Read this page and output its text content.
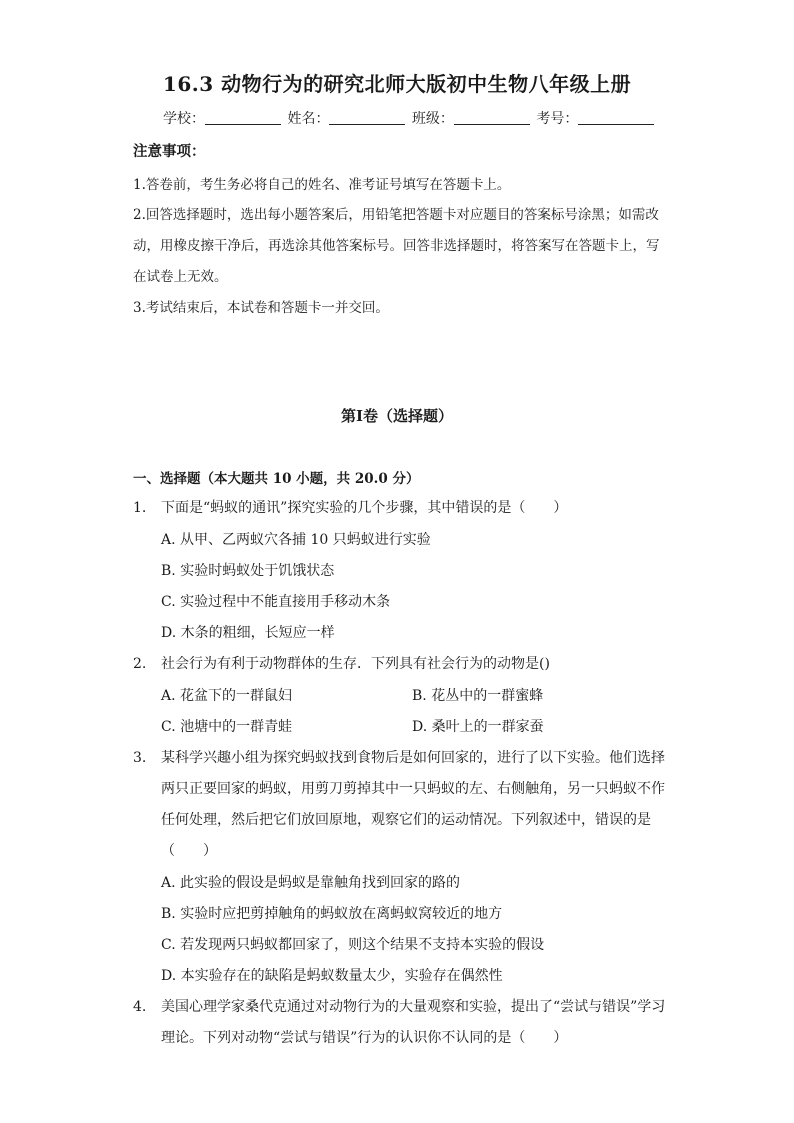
16.3 动物行为的研究北师大版初中生物八年级上册
学校：	姓名：	班级：	考号：
注意事项：
1.答卷前，考生务必将自己的姓名、准考证号填写在答题卡上。
2.回答选择题时，选出每小题答案后，用铅笔把答题卡对应题目的答案标号涂黑；如需改动，用橡皮擦干净后，再选涂其他答案标号。回答非选择题时，将答案写在答题卡上，写在试卷上无效。
3.考试结束后，本试卷和答题卡一并交回。
第I卷（选择题）
一、选择题（本大题共 10 小题，共 20.0 分）
1. 下面是“蚂蚁的通讯”探究实验的几个步骤，其中错误的是（　　）
A. 从甲、乙两蚁穴各捕 10 只蚂蚁进行实验
B. 实验时蚂蚁处于饥饿状态
C. 实验过程中不能直接用手移动木条
D. 木条的粗细，长短应一样
2. 社会行为有利于动物群体的生存．下列具有社会行为的动物是()
A. 花盆下的一群鼠妇	B. 花丛中的一群蜜蜂
C. 池塘中的一群青蛙	D. 桑叶上的一群家蚕
3. 某科学兴趣小组为探究蚂蚁找到食物后是如何回家的，进行了以下实验。他们选择两只正要回家的蚂蚁，用剪刀剪掉其中一只蚂蚁的左、右侧触角，另一只蚂蚁不作任何处理，然后把它们放回原地，观察它们的运动情况。下列叙述中，错误的是（　　）
A. 此实验的假设是蚂蚁是靠触角找到回家的路的
B. 实验时应把剪掉触角的蚂蚁放在离蚂蚁窝较近的地方
C. 若发现两只蚂蚁都回家了，则这个结果不支持本实验的假设
D. 本实验存在的缺陷是蚂蚁数量太少，实验存在偶然性
4. 美国心理学家桑代克通过对动物行为的大量观察和实验，提出了“尝试与错误”学习理论。下列对动物“尝试与错误”行为的认识你不认同的是（　　）
